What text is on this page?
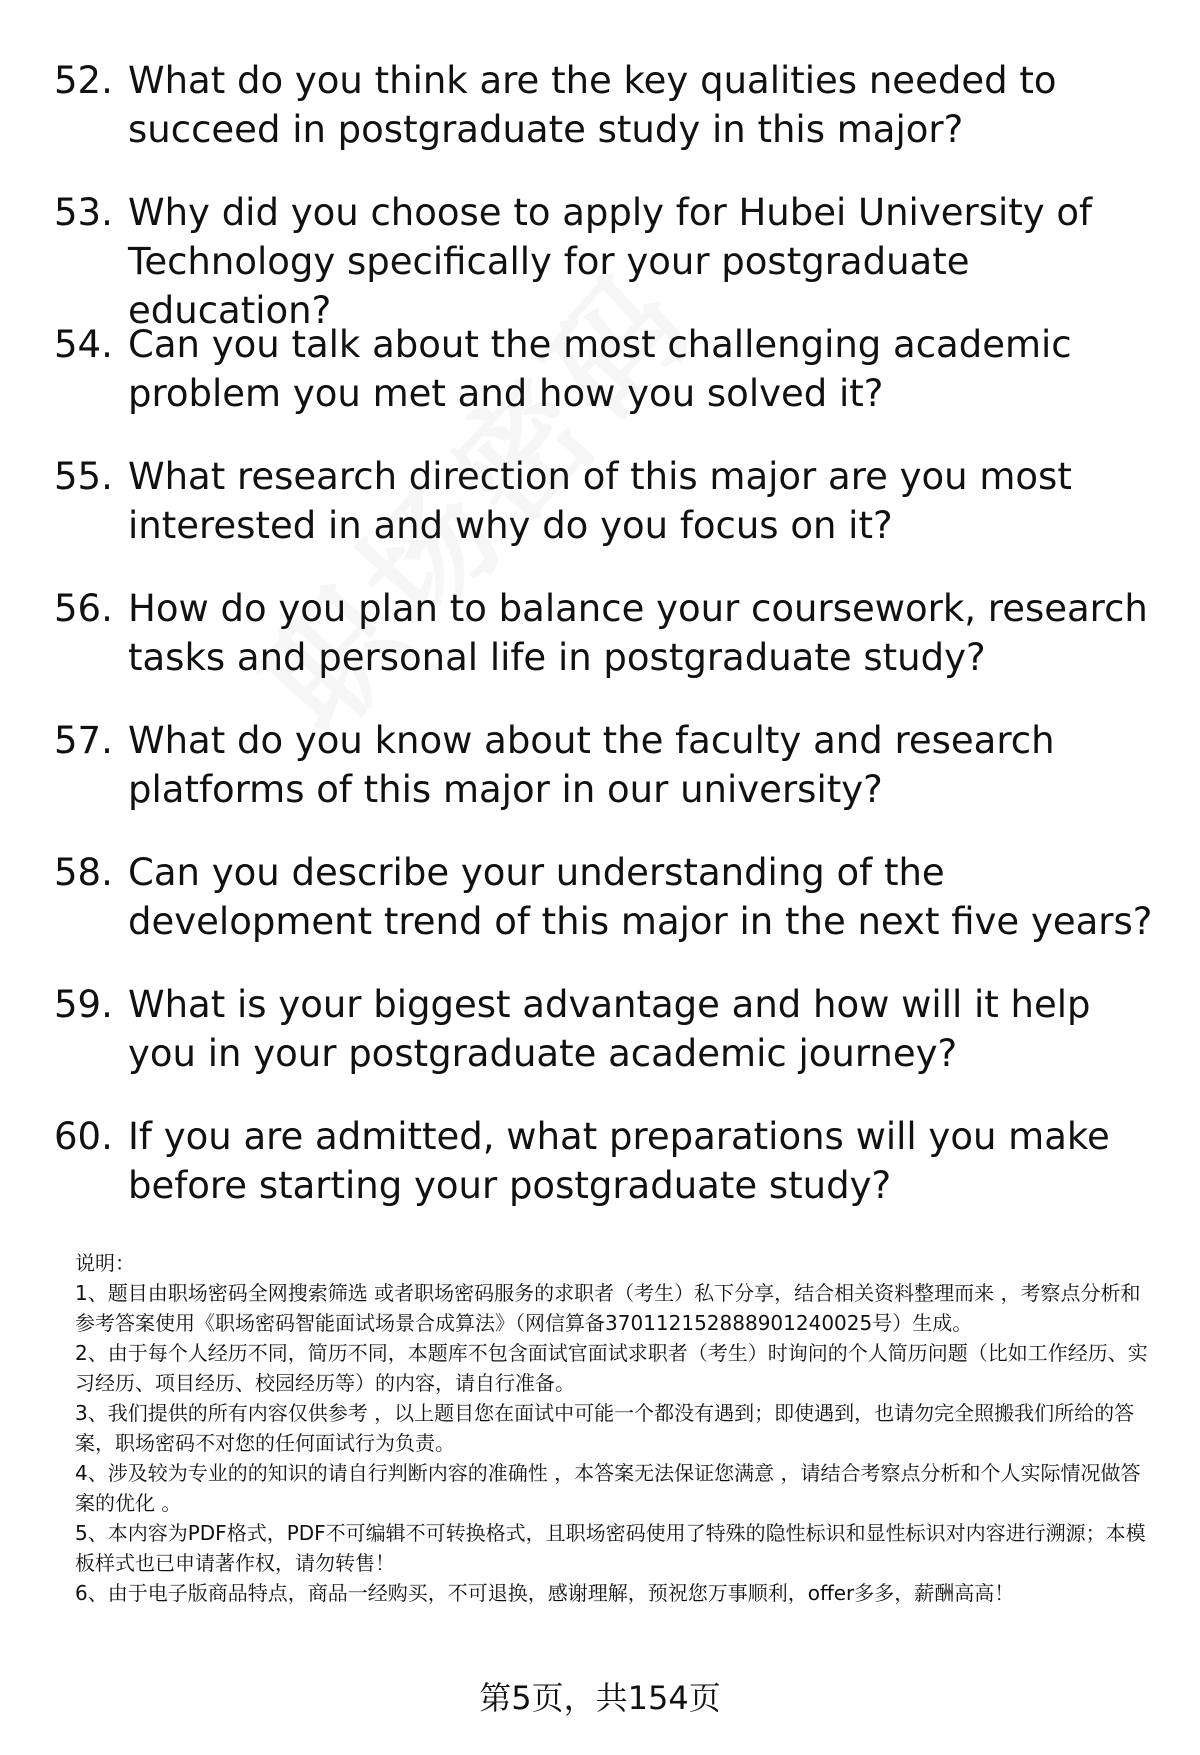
52. What do you think are the key qualities needed to succeed in postgraduate study in this major?
53. Why did you choose to apply for Hubei University of Technology specifically for your postgraduate education?
54. Can you talk about the most challenging academic problem you met and how you solved it?
55. What research direction of this major are you most interested in and why do you focus on it?
56. How do you plan to balance your coursework, research tasks and personal life in postgraduate study?
57. What do you know about the faculty and research platforms of this major in our university?
58. Can you describe your understanding of the development trend of this major in the next five years?
59. What is your biggest advantage and how will it help you in your postgraduate academic journey?
60. If you are admitted, what preparations will you make before starting your postgraduate study?

说明：

1、题目由职场密码全网搜索筛选 或者职场密码服务的求职者（考生）私下分享，结合相关资料整理而来 ，考察点分析和参考答案使用《职场密码智能面试场景合成算法》（网信算备370112152888901240025号）生成。

2、由于每个人经历不同，简历不同，本题库不包含面试官面试求职者（考生）时询问的个人简历问题（比如工作经历、实习经历、项目经历、校园经历等）的内容，请自行准备。

3、我们提供的所有内容仅供参考 ，以上题目您在面试中可能一个都没有遇到；即使遇到，也请勿完全照搬我们所给的答案，职场密码不对您的任何面试行为负责。

4、涉及较为专业的的知识的请自行判断内容的准确性 ，本答案无法保证您满意 ，请结合考察点分析和个人实际情况做答案的优化 。

5、本内容为PDF格式，PDF不可编辑不可转换格式，且职场密码使用了特殊的隐性标识和显性标识对内容进行溯源；本模板样式也已申请著作权，请勿转售！

6、由于电子版商品特点，商品一经购买，不可退换，感谢理解，预祝您万事顺利，offer多多，薪酬高高！

第5页，共154页
